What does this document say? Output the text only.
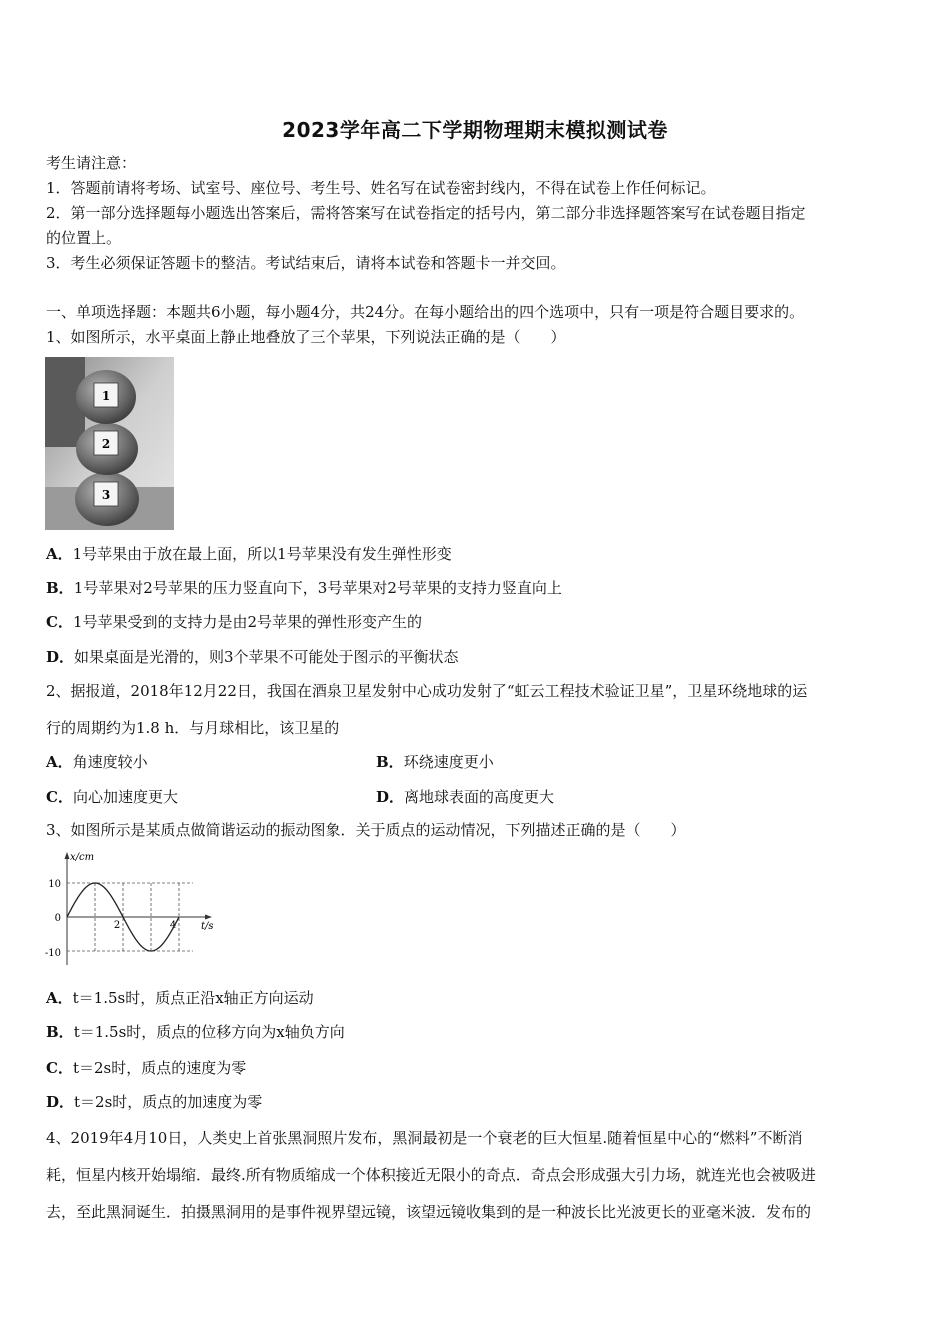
2023学年高二下学期物理期末模拟测试卷
考生请注意：
1．答题前请将考场、试室号、座位号、考生号、姓名写在试卷密封线内，不得在试卷上作任何标记。
2．第一部分选择题每小题选出答案后，需将答案写在试卷指定的括号内，第二部分非选择题答案写在试卷题目指定
的位置上。
3．考生必须保证答题卡的整洁。考试结束后，请将本试卷和答题卡一并交回。
一、单项选择题：本题共6小题，每小题4分，共24分。在每小题给出的四个选项中，只有一项是符合题目要求的。
1、如图所示，水平桌面上静止地叠放了三个苹果，下列说法正确的是（　　）
1
2
3
A．1号苹果由于放在最上面，所以1号苹果没有发生弹性形变
B．1号苹果对2号苹果的压力竖直向下，3号苹果对2号苹果的支持力竖直向上
C．1号苹果受到的支持力是由2号苹果的弹性形变产生的
D．如果桌面是光滑的，则3个苹果不可能处于图示的平衡状态
2、据报道，2018年12月22日，我国在酒泉卫星发射中心成功发射了“虹云工程技术验证卫星”，卫星环绕地球的运
行的周期约为1.8 h．与月球相比，该卫星的
A．角速度较小	B．环绕速度更小
C．向心加速度更大	D．离地球表面的高度更大
3、如图所示是某质点做简谐运动的振动图象．关于质点的运动情况，下列描述正确的是（　　）
x/cm
t/s
10
0
-10
2	4
A．t＝1.5s时，质点正沿x轴正方向运动
B．t＝1.5s时，质点的位移方向为x轴负方向
C．t＝2s时，质点的速度为零
D．t＝2s时，质点的加速度为零
4、2019年4月10日，人类史上首张黑洞照片发布，黑洞最初是一个衰老的巨大恒星.随着恒星中心的“燃料”不断消
耗，恒星内核开始塌缩．最终.所有物质缩成一个体积接近无限小的奇点．奇点会形成强大引力场，就连光也会被吸进
去，至此黑洞诞生．拍摄黑洞用的是事件视界望远镜，该望远镜收集到的是一种波长比光波更长的亚毫米波．发布的
